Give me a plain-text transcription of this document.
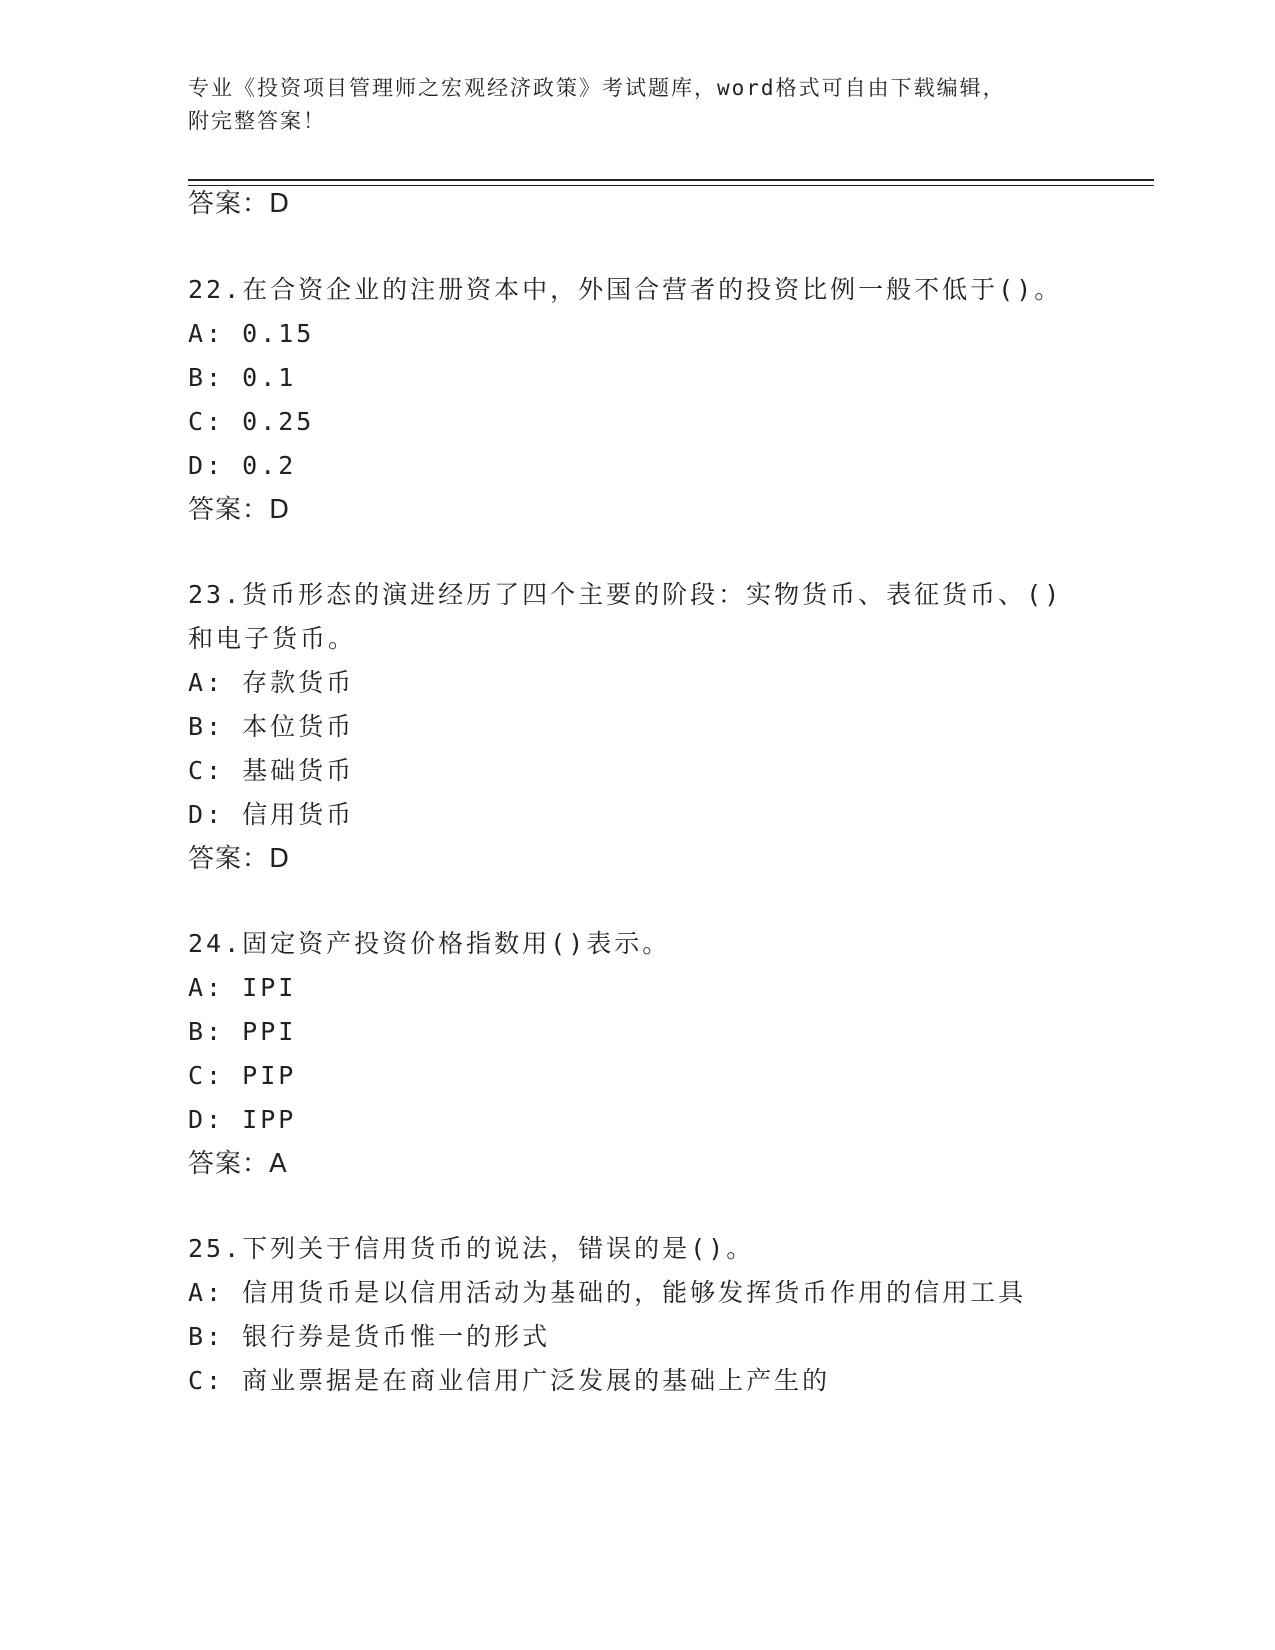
专业《投资项目管理师之宏观经济政策》考试题库，word格式可自由下载编辑，
附完整答案！
答案：D
22.在合资企业的注册资本中，外国合营者的投资比例一般不低于()。
A: 0.15
B: 0.1
C: 0.25
D: 0.2
答案：D
23.货币形态的演进经历了四个主要的阶段：实物货币、表征货币、()
和电子货币。
A: 存款货币
B: 本位货币
C: 基础货币
D: 信用货币
答案：D
24.固定资产投资价格指数用()表示。
A: IPI
B: PPI
C: PIP
D: IPP
答案：A
25.下列关于信用货币的说法，错误的是()。
A: 信用货币是以信用活动为基础的，能够发挥货币作用的信用工具
B: 银行券是货币惟一的形式
C: 商业票据是在商业信用广泛发展的基础上产生的
